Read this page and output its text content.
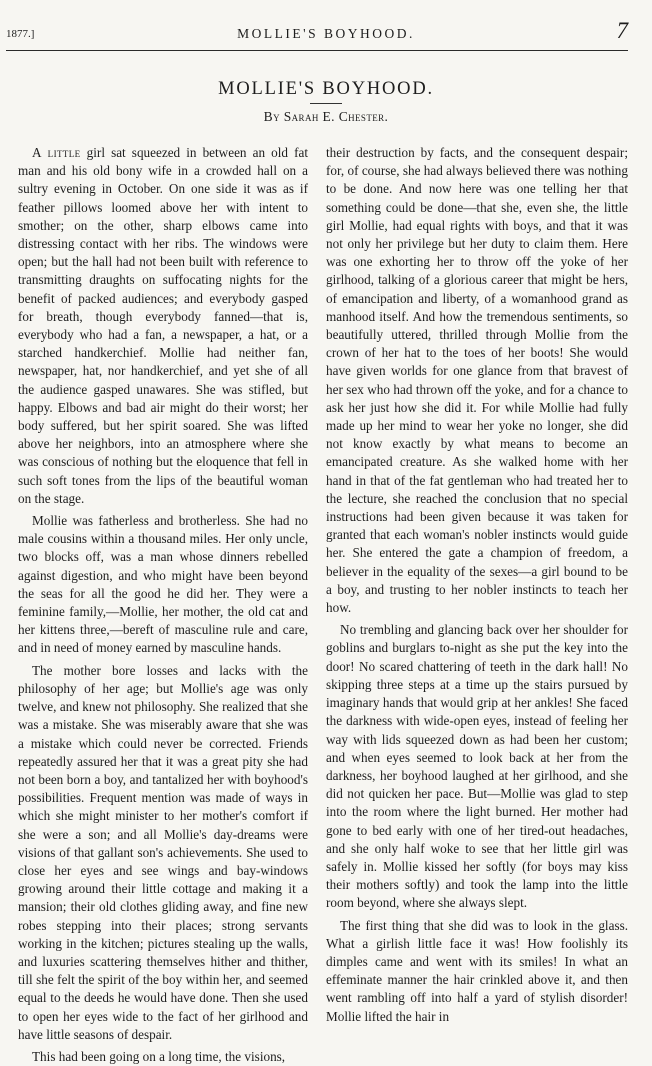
1877.]	MOLLIE'S BOYHOOD.	7
MOLLIE'S BOYHOOD.
By Sarah E. Chester.

A little girl sat squeezed in between an old fat man and his old bony wife in a crowded hall on a sultry evening in October. On one side it was as if feather pillows loomed above her with intent to smother; on the other, sharp elbows came into distressing contact with her ribs. The windows were open; but the hall had not been built with reference to transmitting draughts on suffocating nights for the benefit of packed audiences; and everybody gasped for breath, though everybody fanned—that is, everybody who had a fan, a newspaper, a hat, or a starched handkerchief. Mollie had neither fan, newspaper, hat, nor handkerchief, and yet she of all the audience gasped unawares. She was stifled, but happy. Elbows and bad air might do their worst; her body suffered, but her spirit soared. She was lifted above her neighbors, into an atmosphere where she was conscious of nothing but the eloquence that fell in such soft tones from the lips of the beautiful woman on the stage.

Mollie was fatherless and brotherless. She had no male cousins within a thousand miles. Her only uncle, two blocks off, was a man whose dinners rebelled against digestion, and who might have been beyond the seas for all the good he did her. They were a feminine family,—Mollie, her mother, the old cat and her kittens three,—bereft of masculine rule and care, and in need of money earned by masculine hands.

The mother bore losses and lacks with the philosophy of her age; but Mollie's age was only twelve, and knew not philosophy. She realized that she was a mistake. She was miserably aware that she was a mistake which could never be corrected. Friends repeatedly assured her that it was a great pity she had not been born a boy, and tantalized her with boyhood's possibilities. Frequent mention was made of ways in which she might minister to her mother's comfort if she were a son; and all Mollie's day-dreams were visions of that gallant son's achievements. She used to close her eyes and see wings and bay-windows growing around their little cottage and making it a mansion; their old clothes gliding away, and fine new robes stepping into their places; strong servants working in the kitchen; pictures stealing up the walls, and luxuries scattering themselves hither and thither, till she felt the spirit of the boy within her, and seemed equal to the deeds he would have done. Then she used to open her eyes wide to the fact of her girlhood and have little seasons of despair.

This had been going on a long time, the visions,

their destruction by facts, and the consequent despair; for, of course, she had always believed there was nothing to be done. And now here was one telling her that something could be done—that she, even she, the little girl Mollie, had equal rights with boys, and that it was not only her privilege but her duty to claim them. Here was one exhorting her to throw off the yoke of her girlhood, talking of a glorious career that might be hers, of emancipation and liberty, of a womanhood grand as manhood itself. And how the tremendous sentiments, so beautifully uttered, thrilled through Mollie from the crown of her hat to the toes of her boots! She would have given worlds for one glance from that bravest of her sex who had thrown off the yoke, and for a chance to ask her just how she did it. For while Mollie had fully made up her mind to wear her yoke no longer, she did not know exactly by what means to become an emancipated creature. As she walked home with her hand in that of the fat gentleman who had treated her to the lecture, she reached the conclusion that no special instructions had been given because it was taken for granted that each woman's nobler instincts would guide her. She entered the gate a champion of freedom, a believer in the equality of the sexes—a girl bound to be a boy, and trusting to her nobler instincts to teach her how.

No trembling and glancing back over her shoulder for goblins and burglars to-night as she put the key into the door! No scared chattering of teeth in the dark hall! No skipping three steps at a time up the stairs pursued by imaginary hands that would grip at her ankles! She faced the darkness with wide-open eyes, instead of feeling her way with lids squeezed down as had been her custom; and when eyes seemed to look back at her from the darkness, her boyhood laughed at her girlhood, and she did not quicken her pace. But—Mollie was glad to step into the room where the light burned. Her mother had gone to bed early with one of her tired-out headaches, and she only half woke to see that her little girl was safely in. Mollie kissed her softly (for boys may kiss their mothers softly) and took the lamp into the little room beyond, where she always slept.

The first thing that she did was to look in the glass. What a girlish little face it was! How foolishly its dimples came and went with its smiles! In what an effeminate manner the hair crinkled above it, and then went rambling off into half a yard of stylish disorder! Mollie lifted the hair in
